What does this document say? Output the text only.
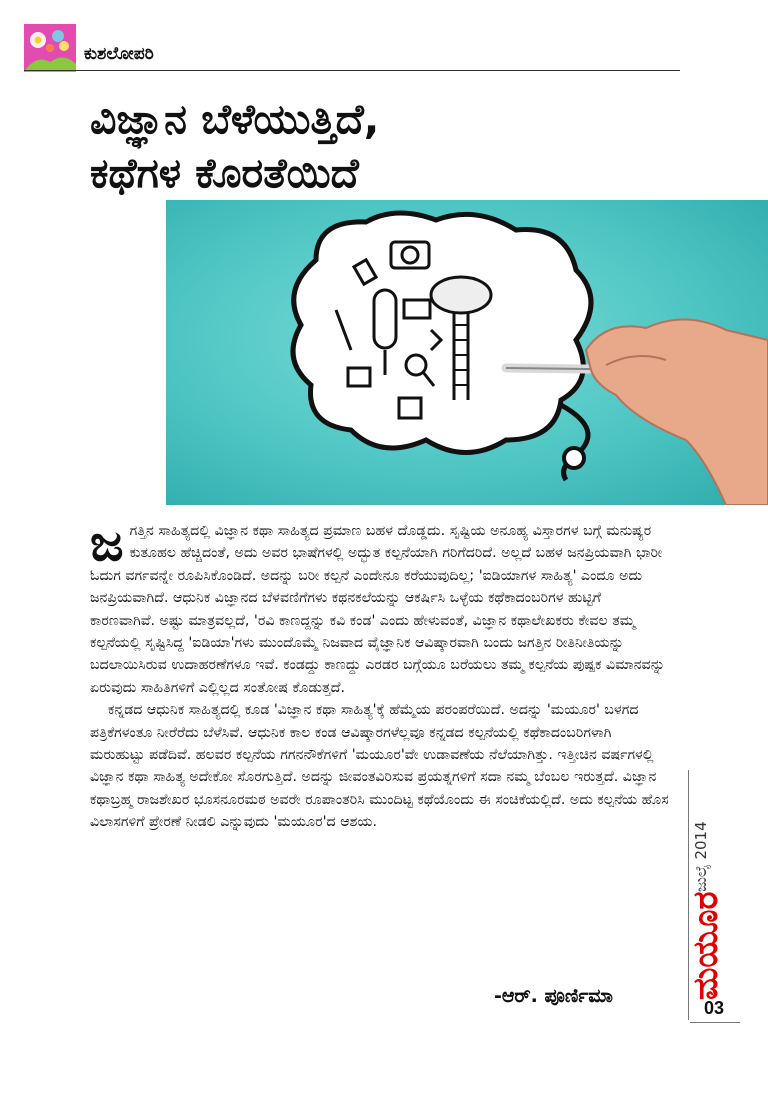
ಕುಶಲೋಪರಿ
ವಿಜ್ಞಾನ ಬೆಳೆಯುತ್ತಿದೆ,
ಕಥೆಗಳ ಕೊರತೆಯಿದೆ

ಜಗತ್ತಿನ ಸಾಹಿತ್ಯದಲ್ಲಿ ವಿಜ್ಞಾನ ಕಥಾ ಸಾಹಿತ್ಯದ ಪ್ರಮಾಣ ಬಹಳ ದೊಡ್ಡದು. ಸೃಷ್ಟಿಯ ಅನೂಹ್ಯ ವಿಸ್ತಾರಗಳ ಬಗ್ಗೆ ಮನುಷ್ಯರ ಕುತೂಹಲ ಹೆಚ್ಚಿದಂತೆ, ಅದು ಅವರ ಭಾಷೆಗಳಲ್ಲಿ ಅದ್ಭುತ ಕಲ್ಪನೆಯಾಗಿ ಗರಿಗೆದರಿದೆ. ಅಲ್ಲದೆ ಬಹಳ ಜನಪ್ರಿಯವಾಗಿ ಭಾರೀ ಓದುಗ ವರ್ಗವನ್ನೇ ರೂಪಿಸಿಕೊಂಡಿದೆ. ಅದನ್ನು ಬರೀ ಕಲ್ಪನೆ ಎಂದೇನೂ ಕರೆಯುವುದಿಲ್ಲ; 'ಐಡಿಯಾಗಳ ಸಾಹಿತ್ಯ' ಎಂದೂ ಅದು ಜನಪ್ರಿಯವಾಗಿದೆ. ಆಧುನಿಕ ವಿಜ್ಞಾನದ ಬೆಳವಣಿಗೆಗಳು ಕಥನಕಲೆಯನ್ನು ಆಕರ್ಷಿಸಿ ಒಳ್ಳೆಯ ಕಥೆಕಾದಂಬರಿಗಳ ಹುಟ್ಟಿಗೆ ಕಾರಣವಾಗಿವೆ. ಅಷ್ಟು ಮಾತ್ರವಲ್ಲದೆ, 'ರವಿ ಕಾಣದ್ದನ್ನು ಕವಿ ಕಂಡ' ಎಂದು ಹೇಳುವಂತೆ, ವಿಜ್ಞಾನ ಕಥಾಲೇಖಕರು ಕೇವಲ ತಮ್ಮ ಕಲ್ಪನೆಯಲ್ಲಿ ಸೃಷ್ಟಿಸಿದ್ದ 'ಐಡಿಯಾ'ಗಳು ಮುಂದೊಮ್ಮೆ ನಿಜವಾದ ವೈಜ್ಞಾನಿಕ ಆವಿಷ್ಕಾರವಾಗಿ ಬಂದು ಜಗತ್ತಿನ ರೀತಿನೀತಿಯನ್ನು ಬದಲಾಯಿಸಿರುವ ಉದಾಹರಣೆಗಳೂ ಇವೆ. ಕಂಡದ್ದು ಕಾಣದ್ದು ಎರಡರ ಬಗ್ಗೆಯೂ ಬರೆಯಲು ತಮ್ಮ ಕಲ್ಪನೆಯ ಪುಷ್ಪಕ ವಿಮಾನವನ್ನು ಏರುವುದು ಸಾಹಿತಿಗಳಿಗೆ ಎಲ್ಲಿಲ್ಲದ ಸಂತೋಷ ಕೊಡುತ್ತದೆ.

ಕನ್ನಡದ ಆಧುನಿಕ ಸಾಹಿತ್ಯದಲ್ಲಿ ಕೂಡ 'ವಿಜ್ಞಾನ ಕಥಾ ಸಾಹಿತ್ಯ'ಕ್ಕೆ ಹೆಮ್ಮೆಯ ಪರಂಪರೆಯಿದೆ. ಅದನ್ನು 'ಮಯೂರ' ಬಳಗದ ಪತ್ರಿಕೆಗಳಂತೂ ನೀರೆರೆದು ಬೆಳೆಸಿವೆ. ಆಧುನಿಕ ಕಾಲ ಕಂಡ ಆವಿಷ್ಕಾರಗಳೆಲ್ಲವೂ ಕನ್ನಡದ ಕಲ್ಪನೆಯಲ್ಲಿ ಕಥೆಕಾದಂಬರಿಗಳಾಗಿ ಮರುಹುಟ್ಟು ಪಡೆದಿವೆ. ಹಲವರ ಕಲ್ಪನೆಯ ಗಗನನೌಕೆಗಳಿಗೆ 'ಮಯೂರ'ವೇ ಉಡಾವಣೆಯ ನೆಲೆಯಾಗಿತ್ತು. ಇತ್ತೀಚಿನ ವರ್ಷಗಳಲ್ಲಿ ವಿಜ್ಞಾನ ಕಥಾ ಸಾಹಿತ್ಯ ಅದೇಕೋ ಸೊರಗುತ್ತಿದೆ. ಅದನ್ನು ಜೀವಂತವಿರಿಸುವ ಪ್ರಯತ್ನಗಳಿಗೆ ಸದಾ ನಮ್ಮ ಬೆಂಬಲ ಇರುತ್ತದೆ. ವಿಜ್ಞಾನ ಕಥಾಬ್ರಹ್ಮ ರಾಜಶೇಖರ ಭೂಸನೂರಮಠ ಅವರೇ ರೂಪಾಂತರಿಸಿ ಮುಂದಿಟ್ಟ ಕಥೆಯೊಂದು ಈ ಸಂಚಿಕೆಯಲ್ಲಿದೆ. ಅದು ಕಲ್ಪನೆಯ ಹೊಸ ವಿಲಾಸಗಳಿಗೆ ಪ್ರೇರಣೆ ನೀಡಲಿ ಎನ್ನುವುದು 'ಮಯೂರ'ದ ಆಶಯ.

-ಆರ್. ಪೂರ್ಣಿಮಾ
ಜುಲೈ 2014
ಮಯೂರ
03
